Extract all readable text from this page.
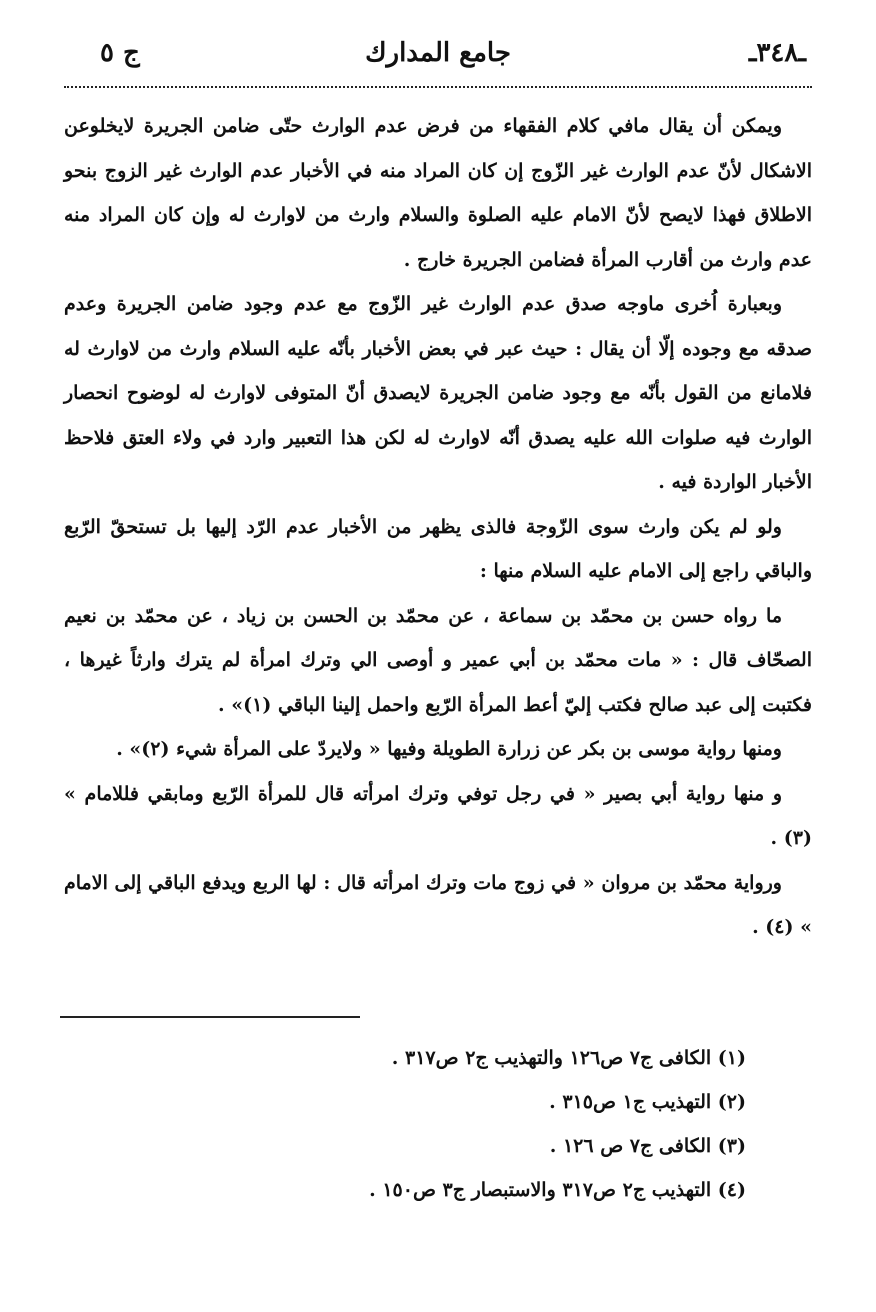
ـ٣٤٨ـ
جامع المدارك
ج ٥

ويمكن أن يقال مافي كلام الفقهاء من فرض عدم الوارث حتّى ضامن الجريرة لايخلوعن الاشكال لأنّ عدم الوارث غير الزّوج إن كان المراد منه في الأخبار عدم الوارث غير الزوج بنحو الاطلاق فهذا لايصح لأنّ الامام عليه الصلوة والسلام وارث من لاوارث له وإن كان المراد منه عدم وارث من أقارب المرأة فضامن الجريرة خارج .

وبعبارة اُخرى ماوجه صدق عدم الوارث غير الزّوج مع عدم وجود ضامن الجريرة وعدم صدقه مع وجوده إلّا أن يقال : حيث عبر في بعض الأخبار بأنّه عليه السلام وارث من لاوارث له فلامانع من القول بأنّه مع وجود ضامن الجريرة لايصدق أنّ المتوفى لاوارث له لوضوح انحصار الوارث فيه صلوات الله عليه يصدق أنّه لاوارث له لكن هذا التعبير وارد في ولاء العتق فلاحظ الأخبار الواردة فيه .

ولو لم يكن وارث سوى الزّوجة فالذى يظهر من الأخبار عدم الرّد إليها بل تستحقّ الرّبع والباقي راجع إلى الامام عليه السلام منها :

ما رواه حسن بن محمّد بن سماعة ، عن محمّد بن الحسن بن زياد ، عن محمّد بن نعيم الصحّاف قال : « مات محمّد بن أبي عمير و أوصى الي وترك امرأة لم يترك وارثاً غيرها ، فكتبت إلى عبد صالح فكتب إليّ أعط المرأة الرّبع واحمل إلينا الباقي (١)» .

ومنها رواية موسى بن بكر عن زرارة الطويلة وفيها « ولايردّ على المرأة شيء (٢)» .

و منها رواية أبي بصير « في رجل توفي وترك امرأته قال للمرأة الرّبع ومابقي فللامام » (٣) .

ورواية محمّد بن مروان « في زوج مات وترك امرأته قال : لها الربع ويدفع الباقي إلى الامام » (٤) .

(١) الكافى ج٧ ص١٢٦ والتهذيب ج٢ ص٣١٧ .
(٢) التهذيب ج١ ص٣١٥ .
(٣) الكافى ج٧ ص ١٢٦ .
(٤) التهذيب ج٢ ص٣١٧ والاستبصار ج٣ ص١٥٠ .
